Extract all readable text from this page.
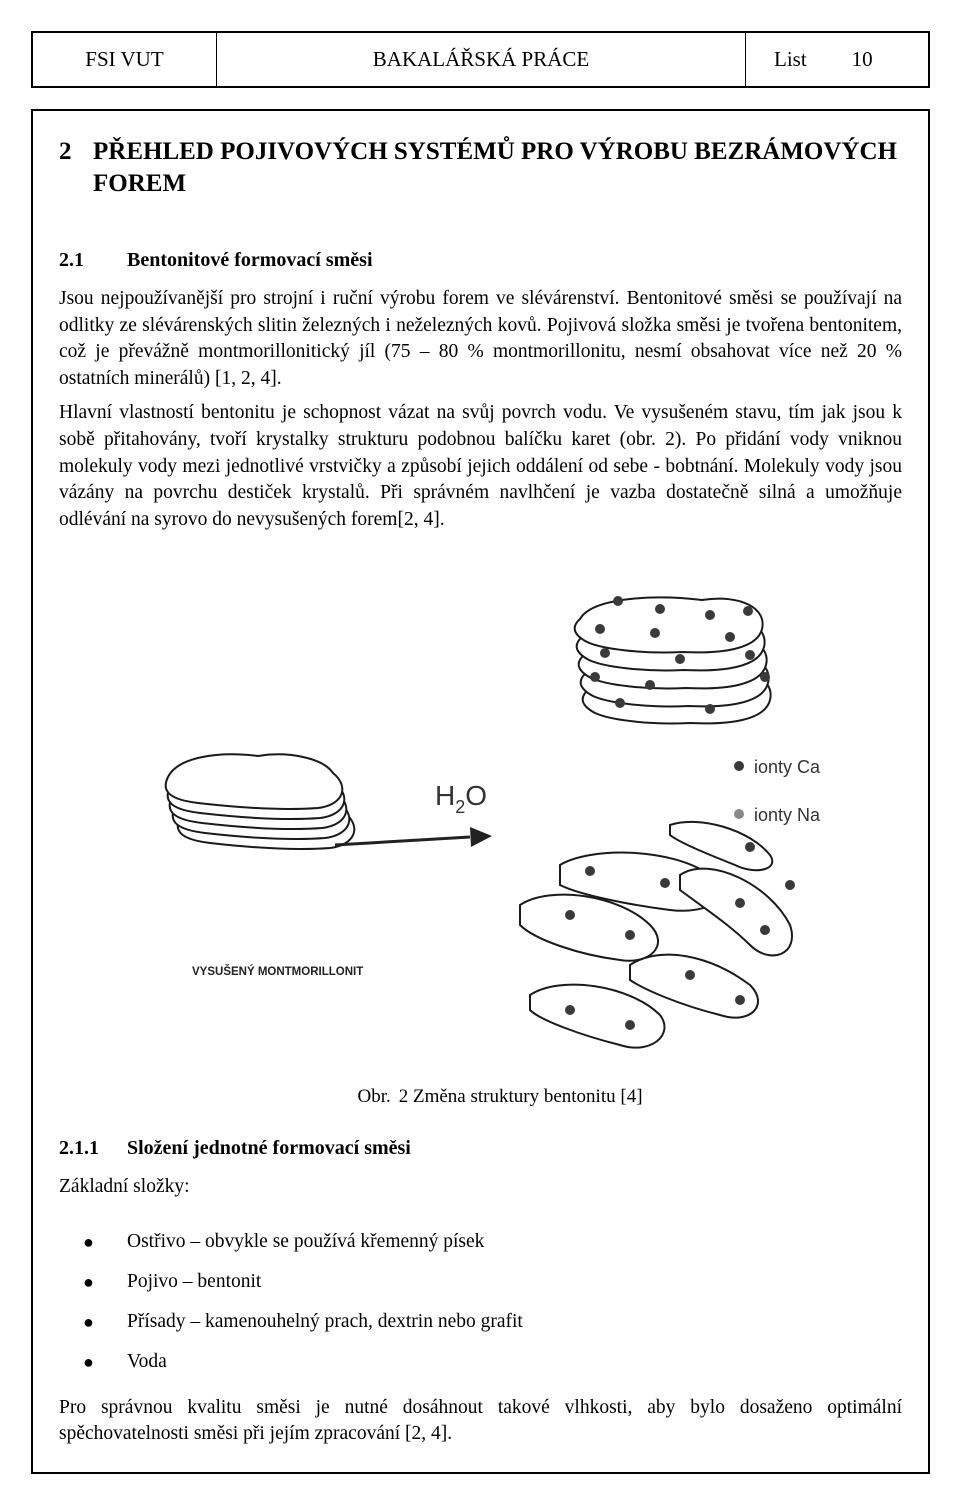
FSI VUT	BAKALÁŘSKÁ PRÁCE	List 10
2 PŘEHLED POJIVOVÝCH SYSTÉMŮ PRO VÝROBU BEZRÁMOVÝCH FOREM
2.1	Bentonitové formovací směsi

Jsou nejpoužívanější pro strojní i ruční výrobu forem ve slévárenství. Bentonitové směsi se používají na odlitky ze slévárenských slitin železných i neželezných kovů. Pojivová složka směsi je tvořena bentonitem, což je převážně montmorillonitický jíl (75 – 80 % montmorillonitu, nesmí obsahovat více než 20 % ostatních minerálů) [1, 2, 4].

Hlavní vlastností bentonitu je schopnost vázat na svůj povrch vodu. Ve vysušeném stavu, tím jak jsou k sobě přitahovány, tvoří krystalky strukturu podobnou balíčku karet (obr. 2). Po přidání vody vniknou molekuly vody mezi jednotlivé vrstvičky a způsobí jejich oddálení od sebe - bobtnání. Molekuly vody jsou vázány na povrchu destiček krystalů. Při správném navlhčení je vazba dostatečně silná a umožňuje odlévání na syrovo do nevysušených forem[2, 4].

VYSUŠENÝ MONTMORILLONIT
$H_2O$
ionty Ca
ionty Na
Obr. 2 Změna struktury bentonitu [4]
2.1.1	Složení jednotné formovací směsi

Základní složky:

●	Ostřivo – obvykle se používá křemenný písek
●	Pojivo – bentonit
●	Přísady – kamenouhelný prach, dextrin nebo grafit
●	Voda

Pro správnou kvalitu směsi je nutné dosáhnout takové vlhkosti, aby bylo dosaženo optimální spěchovatelnosti směsi při jejím zpracování [2, 4].
